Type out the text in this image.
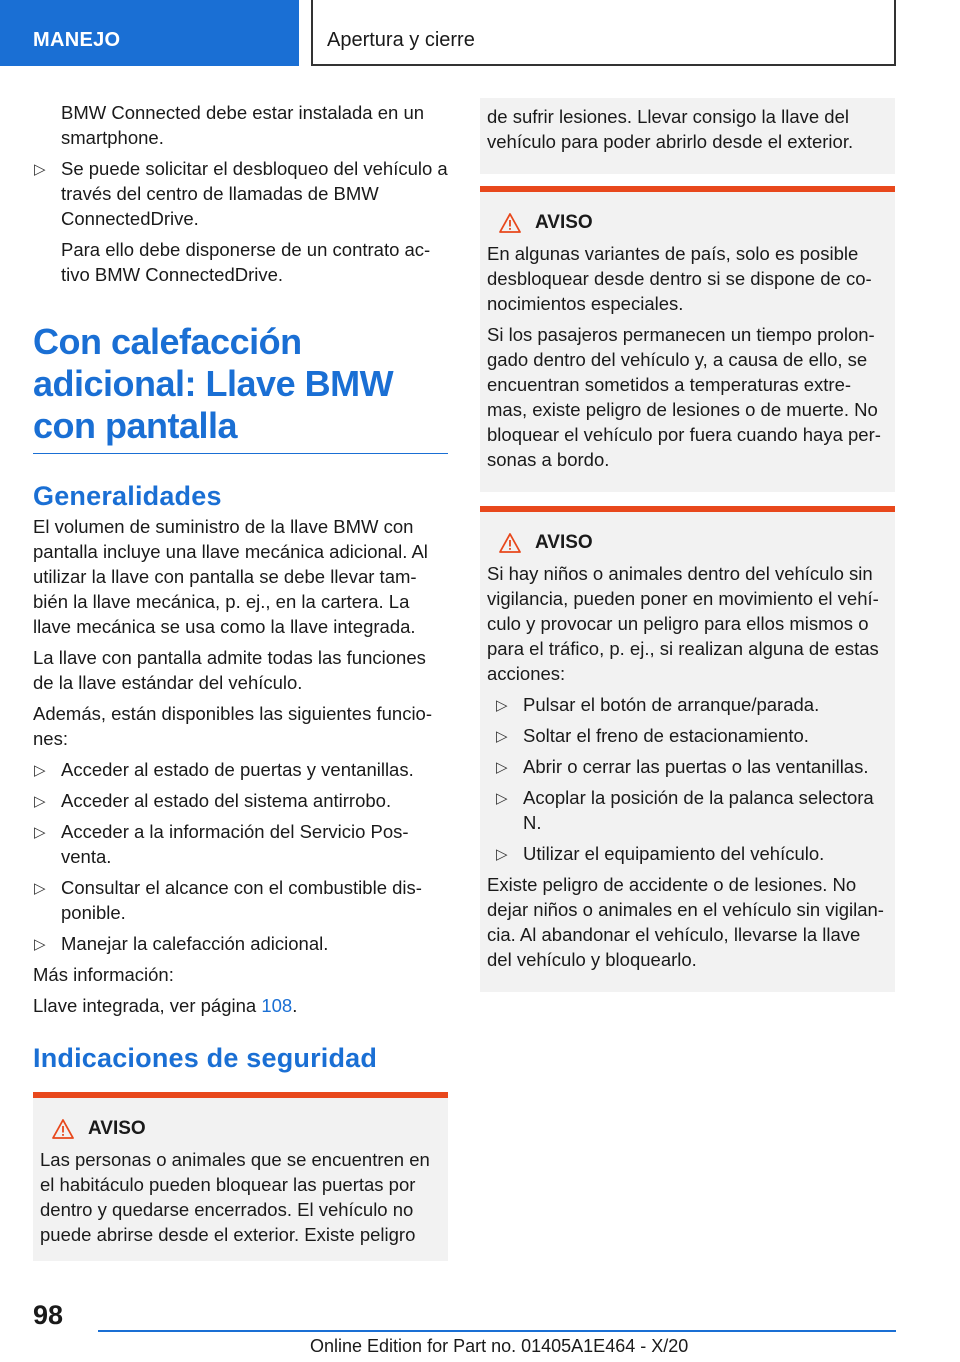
MANEJO	Apertura y cierre

BMW Connected debe estar instalada en un smartphone.

▷ Se puede solicitar el desbloqueo del vehículo a través del centro de llamadas de BMW ConnectedDrive.

Para ello debe disponerse de un contrato ac‐tivo BMW ConnectedDrive.

Con calefacción adicional: Llave BMW con pantalla
Generalidades

El volumen de suministro de la llave BMW con pantalla incluye una llave mecánica adicional. Al utilizar la llave con pantalla se debe llevar tam‐bién la llave mecánica, p. ej., en la cartera. La llave mecánica se usa como la llave integrada.

La llave con pantalla admite todas las funciones de la llave estándar del vehículo.

Además, están disponibles las siguientes funcio‐nes:

▷ Acceder al estado de puertas y ventanillas.
▷ Acceder al estado del sistema antirrobo.
▷ Acceder a la información del Servicio Pos‐venta.
▷ Consultar el alcance con el combustible dis‐ponible.
▷ Manejar la calefacción adicional.

Más información:

Llave integrada, ver página 108.

Indicaciones de seguridad
AVISO

Las personas o animales que se encuentren en el habitáculo pueden bloquear las puertas por dentro y quedarse encerrados. El vehículo no puede abrirse desde el exterior. Existe peligro

de sufrir lesiones. Llevar consigo la llave del vehículo para poder abrirlo desde el exterior.

AVISO

En algunas variantes de país, solo es posible desbloquear desde dentro si se dispone de co‐nocimientos especiales.

Si los pasajeros permanecen un tiempo prolon‐gado dentro del vehículo y, a causa de ello, se encuentran sometidos a temperaturas extre‐mas, existe peligro de lesiones o de muerte. No bloquear el vehículo por fuera cuando haya per‐sonas a bordo.

AVISO

Si hay niños o animales dentro del vehículo sin vigilancia, pueden poner en movimiento el vehí‐culo y provocar un peligro para ellos mismos o para el tráfico, p. ej., si realizan alguna de estas acciones:

▷ Pulsar el botón de arranque/parada.
▷ Soltar el freno de estacionamiento.
▷ Abrir o cerrar las puertas o las ventanillas.
▷ Acoplar la posición de la palanca selectora N.
▷ Utilizar el equipamiento del vehículo.

Existe peligro de accidente o de lesiones. No dejar niños o animales en el vehículo sin vigilan‐cia. Al abandonar el vehículo, llevarse la llave del vehículo y bloquearlo.

98
Online Edition for Part no. 01405A1E464 - X/20
